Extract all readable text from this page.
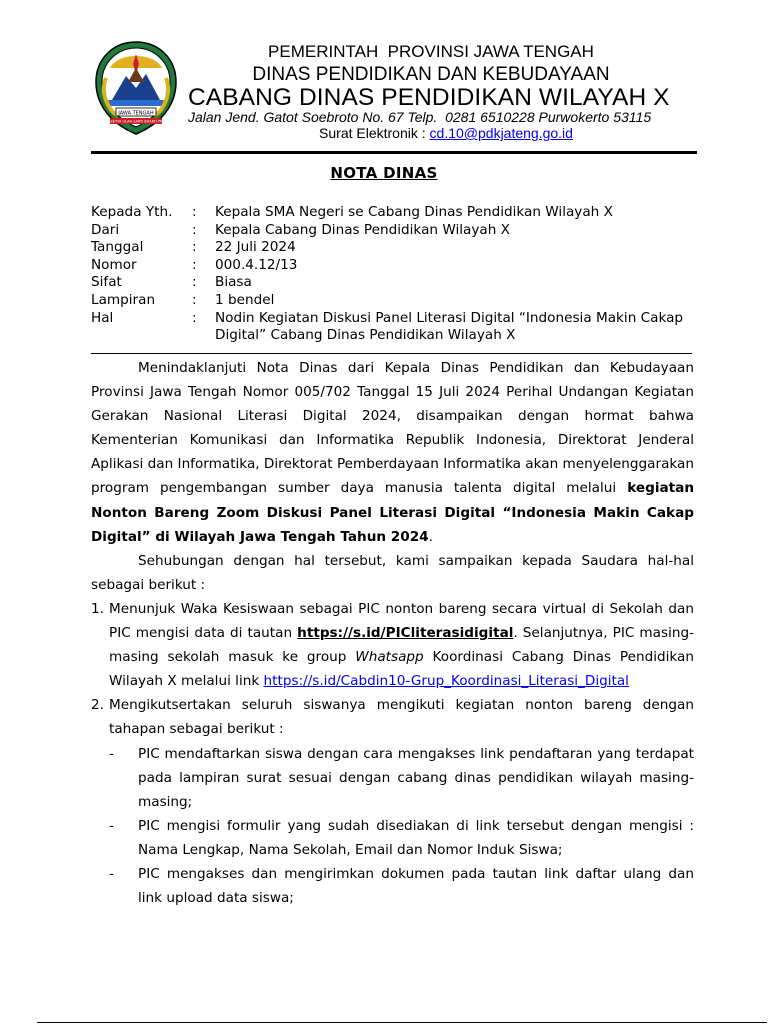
JAWA TENGAH
PRASETYA ULAH SAKTI BHAKTI PRAJA
PEMERINTAH  PROVINSI JAWA TENGAH
DINAS PENDIDIKAN DAN KEBUDAYAAN
CABANG DINAS PENDIDIKAN WILAYAH X
Jalan Jend. Gatot Soebroto No. 67 Telp.  0281 6510228 Purwokerto 53115
Surat Elektronik : cd.10@pdkjateng.go.id
NOTA DINAS
Kepada Yth. : Kepala SMA Negeri se Cabang Dinas Pendidikan Wilayah X
Dari	: Kepala Cabang Dinas Pendidikan Wilayah X
Tanggal	: 22 Juli 2024
Nomor	: 000.4.12/13
Sifat	: Biasa
Lampiran	: 1 bendel
Hal	: Nodin Kegiatan Diskusi Panel Literasi Digital “Indonesia Makin Cakap Digital” Cabang Dinas Pendidikan Wilayah X

Menindaklanjuti Nota Dinas dari Kepala Dinas Pendidikan dan Kebudayaan Provinsi Jawa Tengah Nomor 005/702 Tanggal 15 Juli 2024 Perihal Undangan Kegiatan Gerakan Nasional Literasi Digital 2024, disampaikan dengan hormat bahwa Kementerian Komunikasi dan Informatika Republik Indonesia, Direktorat Jenderal Aplikasi dan Informatika, Direktorat Pemberdayaan Informatika akan menyelenggarakan program pengembangan sumber daya manusia talenta digital melalui kegiatan Nonton Bareng Zoom Diskusi Panel Literasi Digital “Indonesia Makin Cakap Digital” di Wilayah Jawa Tengah Tahun 2024.

Sehubungan dengan hal tersebut, kami sampaikan kepada Saudara hal-hal sebagai berikut :

1. Menunjuk Waka Kesiswaan sebagai PIC nonton bareng secara virtual di Sekolah dan PIC mengisi data di tautan https://s.id/PICliterasidigital. Selanjutnya, PIC masing-masing sekolah masuk ke group Whatsapp Koordinasi Cabang Dinas Pendidikan Wilayah X melalui link https://s.id/Cabdin10-Grup_Koordinasi_Literasi_Digital

2. Mengikutsertakan seluruh siswanya mengikuti kegiatan nonton bareng dengan tahapan sebagai berikut :

- PIC mendaftarkan siswa dengan cara mengakses link pendaftaran yang terdapat pada lampiran surat sesuai dengan cabang dinas pendidikan wilayah masing-masing;

- PIC mengisi formulir yang sudah disediakan di link tersebut dengan mengisi : Nama Lengkap, Nama Sekolah, Email dan Nomor Induk Siswa;

- PIC mengakses dan mengirimkan dokumen pada tautan link daftar ulang dan link upload data siswa;
